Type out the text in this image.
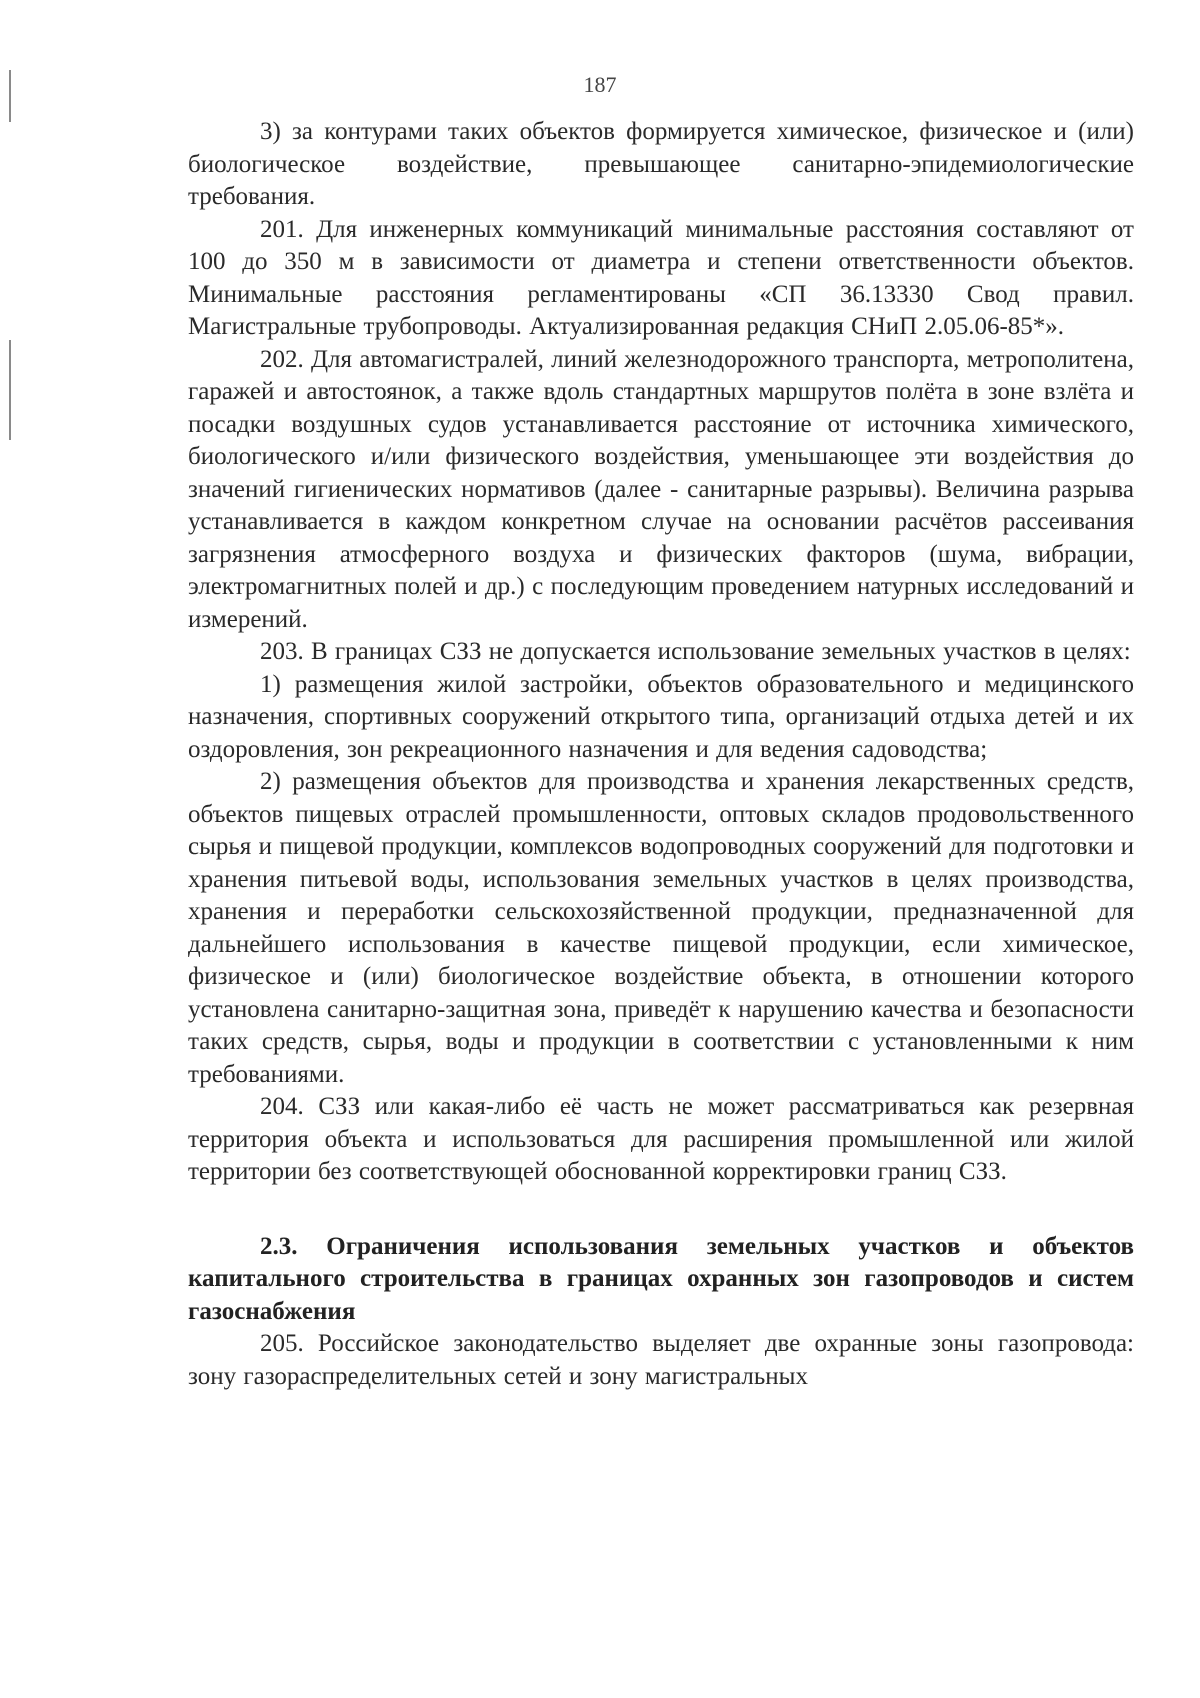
187

3) за контурами таких объектов формируется химическое, физическое и (или) биологическое воздействие, превышающее санитарно-эпидемиологические требования.

201. Для инженерных коммуникаций минимальные расстояния составляют от 100 до 350 м в зависимости от диаметра и степени ответственности объектов. Минимальные расстояния регламентированы «СП 36.13330 Свод правил. Магистральные трубопроводы. Актуализированная редакция СНиП 2.05.06-85*».

202. Для автомагистралей, линий железнодорожного транспорта, метрополитена, гаражей и автостоянок, а также вдоль стандартных маршрутов полёта в зоне взлёта и посадки воздушных судов устанавливается расстояние от источника химического, биологического и/или физического воздействия, уменьшающее эти воздействия до значений гигиенических нормативов (далее - санитарные разрывы). Величина разрыва устанавливается в каждом конкретном случае на основании расчётов рассеивания загрязнения атмосферного воздуха и физических факторов (шума, вибрации, электромагнитных полей и др.) с последующим проведением натурных исследований и измерений.

203. В границах СЗЗ не допускается использование земельных участков в целях:

1) размещения жилой застройки, объектов образовательного и медицинского назначения, спортивных сооружений открытого типа, организаций отдыха детей и их оздоровления, зон рекреационного назначения и для ведения садоводства;

2) размещения объектов для производства и хранения лекарственных средств, объектов пищевых отраслей промышленности, оптовых складов продовольственного сырья и пищевой продукции, комплексов водопроводных сооружений для подготовки и хранения питьевой воды, использования земельных участков в целях производства, хранения и переработки сельскохозяйственной продукции, предназначенной для дальнейшего использования в качестве пищевой продукции, если химическое, физическое и (или) биологическое воздействие объекта, в отношении которого установлена санитарно-защитная зона, приведёт к нарушению качества и безопасности таких средств, сырья, воды и продукции в соответствии с установленными к ним требованиями.

204. СЗЗ или какая-либо её часть не может рассматриваться как резервная территория объекта и использоваться для расширения промышленной или жилой территории без соответствующей обоснованной корректировки границ СЗЗ.

2.3. Ограничения использования земельных участков и объектов капитального строительства в границах охранных зон газопроводов и систем газоснабжения

205. Российское законодательство выделяет две охранные зоны газопровода: зону газораспределительных сетей и зону магистральных
